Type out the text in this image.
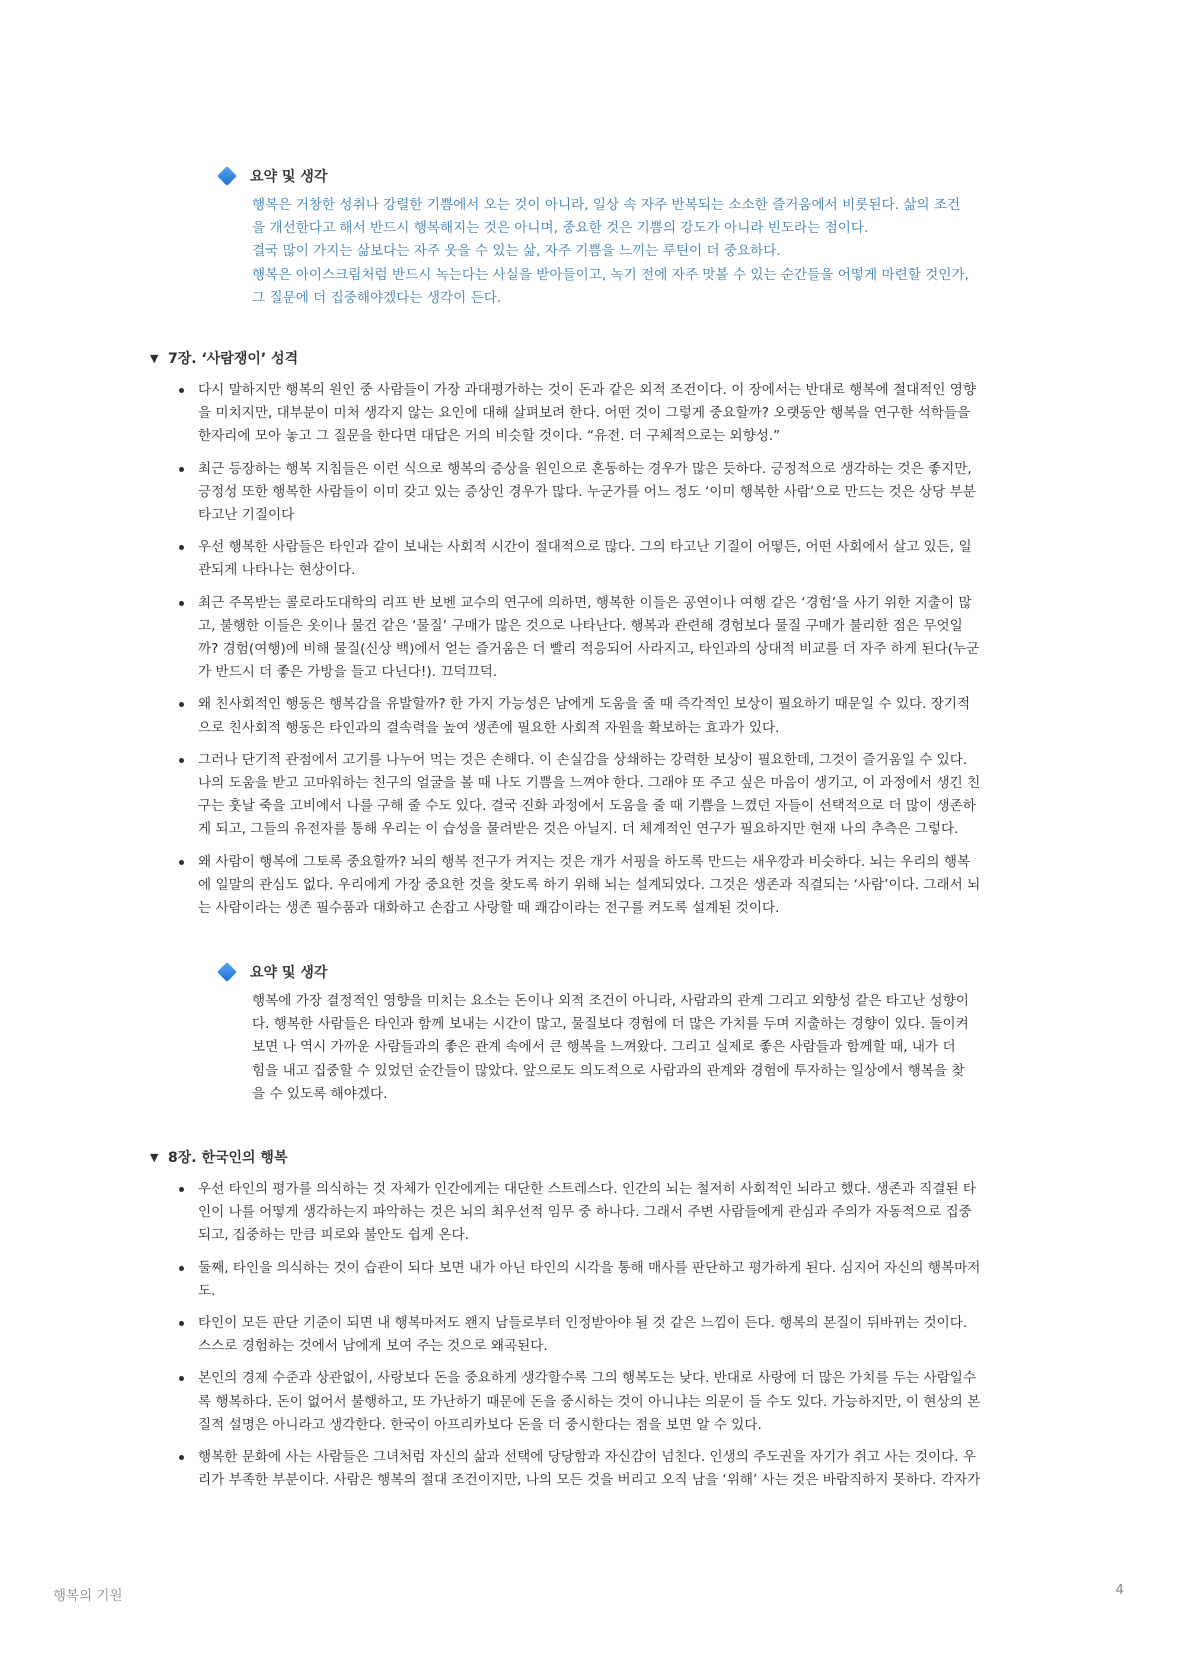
요약 및 생각

행복은 거창한 성취나 강렬한 기쁨에서 오는 것이 아니라, 일상 속 자주 반복되는 소소한 즐거움에서 비롯된다. 삶의 조건

을 개선한다고 해서 반드시 행복해지는 것은 아니며, 중요한 것은 기쁨의 강도가 아니라 빈도라는 점이다.

결국 많이 가지는 삶보다는 자주 웃을 수 있는 삶, 자주 기쁨을 느끼는 루틴이 더 중요하다.

행복은 아이스크림처럼 반드시 녹는다는 사실을 받아들이고, 녹기 전에 자주 맛볼 수 있는 순간들을 어떻게 마련할 것인가,

그 질문에 더 집중해야겠다는 생각이 든다.

▼ 7장. ‘사람쟁이’ 성격

다시 말하지만 행복의 원인 중 사람들이 가장 과대평가하는 것이 돈과 같은 외적 조건이다. 이 장에서는 반대로 행복에 절대적인 영향

을 미치지만, 대부분이 미처 생각지 않는 요인에 대해 살펴보려 한다. 어떤 것이 그렇게 중요할까? 오랫동안 행복을 연구한 석학들을

한자리에 모아 놓고 그 질문을 한다면 대답은 거의 비슷할 것이다. “유전. 더 구체적으로는 외향성.”

최근 등장하는 행복 지침들은 이런 식으로 행복의 증상을 원인으로 혼동하는 경우가 많은 듯하다. 긍정적으로 생각하는 것은 좋지만,

긍정성 또한 행복한 사람들이 이미 갖고 있는 증상인 경우가 많다. 누군가를 어느 정도 ‘이미 행복한 사람’으로 만드는 것은 상당 부분

타고난 기질이다

우선 행복한 사람들은 타인과 같이 보내는 사회적 시간이 절대적으로 많다. 그의 타고난 기질이 어떻든, 어떤 사회에서 살고 있든, 일

관되게 나타나는 현상이다.

최근 주목받는 콜로라도대학의 리프 반 보벤 교수의 연구에 의하면, 행복한 이들은 공연이나 여행 같은 ‘경험’을 사기 위한 지출이 많

고, 불행한 이들은 옷이나 물건 같은 ‘물질’ 구매가 많은 것으로 나타난다. 행복과 관련해 경험보다 물질 구매가 불리한 점은 무엇일

까? 경험(여행)에 비해 물질(신상 백)에서 얻는 즐거움은 더 빨리 적응되어 사라지고, 타인과의 상대적 비교를 더 자주 하게 된다(누군

가 반드시 더 좋은 가방을 들고 다닌다!). 끄덕끄덕.

왜 친사회적인 행동은 행복감을 유발할까? 한 가지 가능성은 남에게 도움을 줄 때 즉각적인 보상이 필요하기 때문일 수 있다. 장기적

으로 친사회적 행동은 타인과의 결속력을 높여 생존에 필요한 사회적 자원을 확보하는 효과가 있다.

그러나 단기적 관점에서 고기를 나누어 먹는 것은 손해다. 이 손실감을 상쇄하는 강력한 보상이 필요한데, 그것이 즐거움일 수 있다.

나의 도움을 받고 고마워하는 친구의 얼굴을 볼 때 나도 기쁨을 느껴야 한다. 그래야 또 주고 싶은 마음이 생기고, 이 과정에서 생긴 친

구는 훗날 죽을 고비에서 나를 구해 줄 수도 있다. 결국 진화 과정에서 도움을 줄 때 기쁨을 느꼈던 자들이 선택적으로 더 많이 생존하

게 되고, 그들의 유전자를 통해 우리는 이 습성을 물려받은 것은 아닐지. 더 체계적인 연구가 필요하지만 현재 나의 추측은 그렇다.

왜 사람이 행복에 그토록 중요할까? 뇌의 행복 전구가 켜지는 것은 개가 서핑을 하도록 만드는 새우깡과 비슷하다. 뇌는 우리의 행복

에 일말의 관심도 없다. 우리에게 가장 중요한 것을 찾도록 하기 위해 뇌는 설계되었다. 그것은 생존과 직결되는 ‘사람’이다. 그래서 뇌

는 사람이라는 생존 필수품과 대화하고 손잡고 사랑할 때 쾌감이라는 전구를 켜도록 설계된 것이다.

요약 및 생각

행복에 가장 결정적인 영향을 미치는 요소는 돈이나 외적 조건이 아니라, 사람과의 관계 그리고 외향성 같은 타고난 성향이

다. 행복한 사람들은 타인과 함께 보내는 시간이 많고, 물질보다 경험에 더 많은 가치를 두며 지출하는 경향이 있다. 돌이켜

보면 나 역시 가까운 사람들과의 좋은 관계 속에서 큰 행복을 느껴왔다. 그리고 실제로 좋은 사람들과 함께할 때, 내가 더

힘을 내고 집중할 수 있었던 순간들이 많았다. 앞으로도 의도적으로 사람과의 관계와 경험에 투자하는 일상에서 행복을 찾

을 수 있도록 해야겠다.

▼ 8장. 한국인의 행복

우선 타인의 평가를 의식하는 것 자체가 인간에게는 대단한 스트레스다. 인간의 뇌는 철저히 사회적인 뇌라고 했다. 생존과 직결된 타

인이 나를 어떻게 생각하는지 파악하는 것은 뇌의 최우선적 임무 중 하나다. 그래서 주변 사람들에게 관심과 주의가 자동적으로 집중

되고, 집중하는 만큼 피로와 불안도 쉽게 온다.

둘째, 타인을 의식하는 것이 습관이 되다 보면 내가 아닌 타인의 시각을 통해 매사를 판단하고 평가하게 된다. 심지어 자신의 행복마저

도.

타인이 모든 판단 기준이 되면 내 행복마저도 왠지 남들로부터 인정받아야 될 것 같은 느낌이 든다. 행복의 본질이 뒤바뀌는 것이다.

스스로 경험하는 것에서 남에게 보여 주는 것으로 왜곡된다.

본인의 경제 수준과 상관없이, 사랑보다 돈을 중요하게 생각할수록 그의 행복도는 낮다. 반대로 사랑에 더 많은 가치를 두는 사람일수

록 행복하다. 돈이 없어서 불행하고, 또 가난하기 때문에 돈을 중시하는 것이 아니냐는 의문이 들 수도 있다. 가능하지만, 이 현상의 본

질적 설명은 아니라고 생각한다. 한국이 아프리카보다 돈을 더 중시한다는 점을 보면 알 수 있다.

행복한 문화에 사는 사람들은 그녀처럼 자신의 삶과 선택에 당당함과 자신감이 넘친다. 인생의 주도권을 자기가 쥐고 사는 것이다. 우

리가 부족한 부분이다. 사람은 행복의 절대 조건이지만, 나의 모든 것을 버리고 오직 남을 ‘위해’ 사는 것은 바람직하지 못하다. 각자가

행복의 기원	4
